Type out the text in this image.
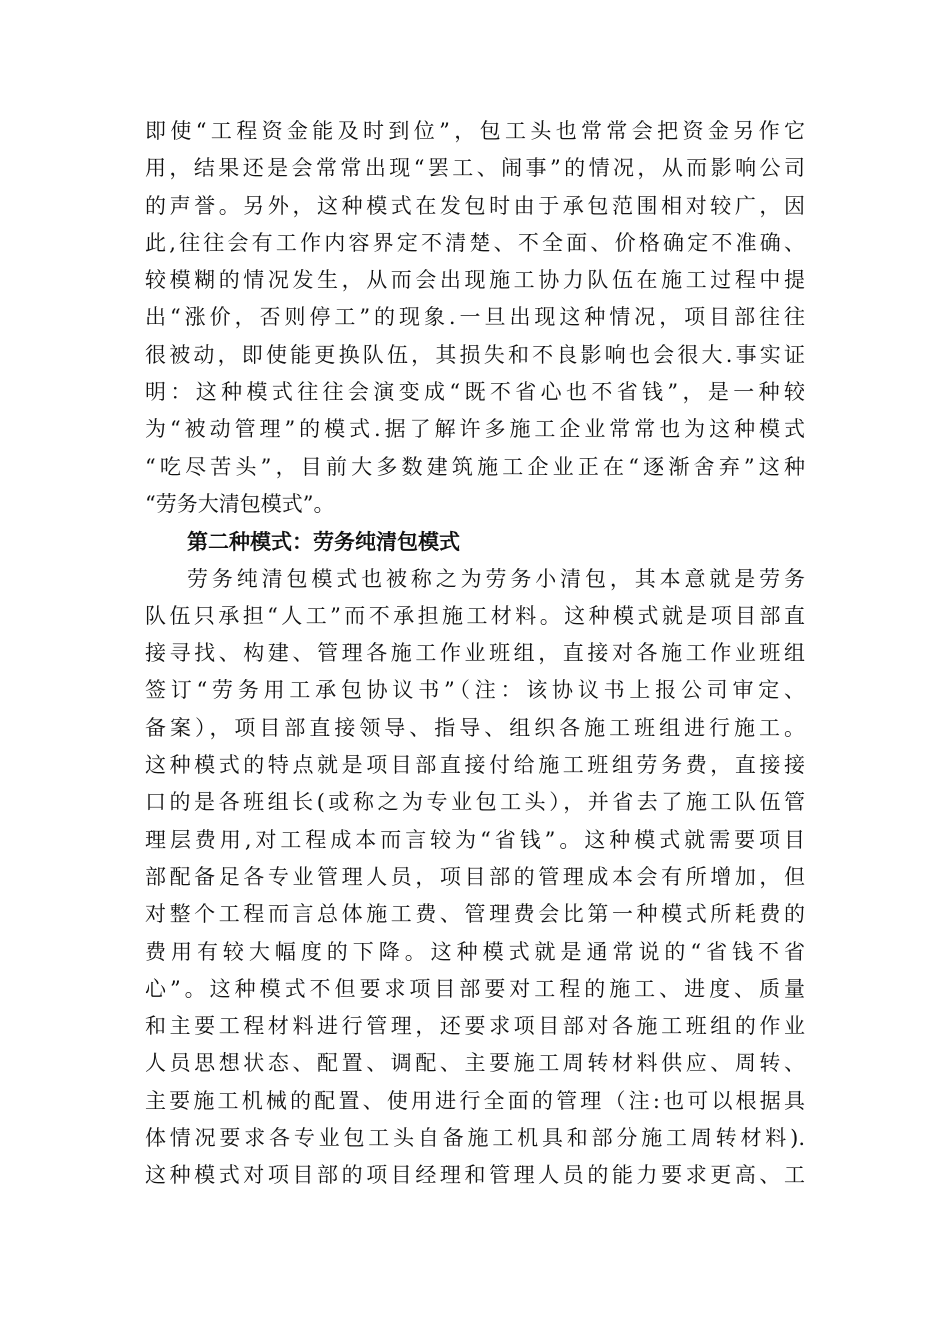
即使“工程资金能及时到位”，包工头也常常会把资金另作它
用，结果还是会常常出现“罢工、闹事”的情况，从而影响公司
的声誉。另外，这种模式在发包时由于承包范围相对较广，因
此,往往会有工作内容界定不清楚、不全面、价格确定不准确、
较模糊的情况发生，从而会出现施工协力队伍在施工过程中提
出“涨价，否则停工”的现象.一旦出现这种情况，项目部往往
很被动，即使能更换队伍，其损失和不良影响也会很大.事实证
明：这种模式往往会演变成“既不省心也不省钱”，是一种较
为“被动管理”的模式.据了解许多施工企业常常也为这种模式
“吃尽苦头”，目前大多数建筑施工企业正在“逐渐舍弃”这种
“劳务大清包模式”。
第二种模式：劳务纯清包模式
劳务纯清包模式也被称之为劳务小清包，其本意就是劳务
队伍只承担“人工”而不承担施工材料。这种模式就是项目部直
接寻找、构建、管理各施工作业班组，直接对各施工作业班组
签订“劳务用工承包协议书”（注：该协议书上报公司审定、
备案），项目部直接领导、指导、组织各施工班组进行施工。
这种模式的特点就是项目部直接付给施工班组劳务费，直接接
口的是各班组长(或称之为专业包工头），并省去了施工队伍管
理层费用,对工程成本而言较为“省钱”。这种模式就需要项目
部配备足各专业管理人员，项目部的管理成本会有所增加，但
对整个工程而言总体施工费、管理费会比第一种模式所耗费的
费用有较大幅度的下降。这种模式就是通常说的“省钱不省
心”。这种模式不但要求项目部要对工程的施工、进度、质量
和主要工程材料进行管理，还要求项目部对各施工班组的作业
人员思想状态、配置、调配、主要施工周转材料供应、周转、
主要施工机械的配置、使用进行全面的管理（注:也可以根据具
体情况要求各专业包工头自备施工机具和部分施工周转材料).
这种模式对项目部的项目经理和管理人员的能力要求更高、工
